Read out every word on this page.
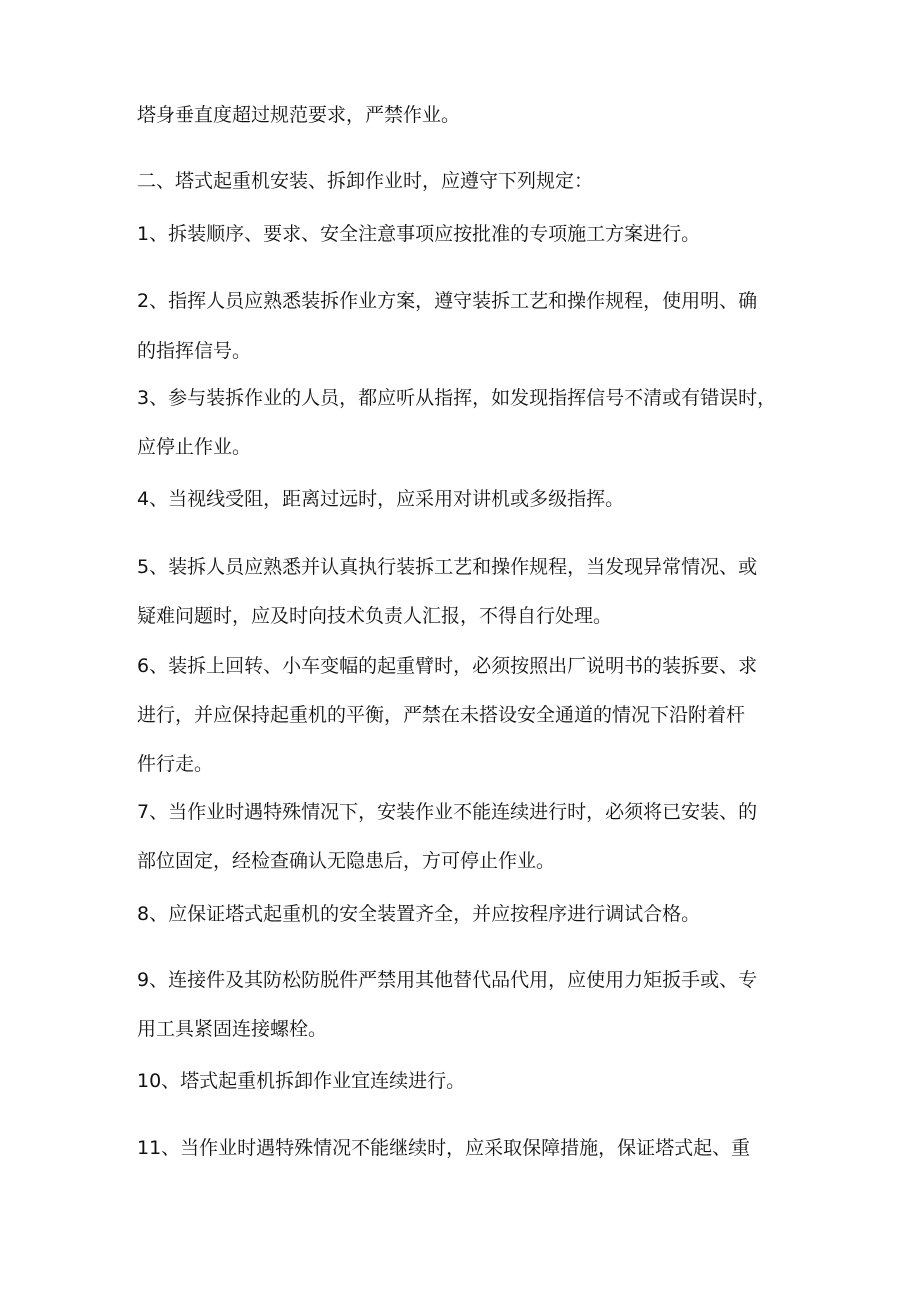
塔身垂直度超过规范要求，严禁作业。
二、塔式起重机安装、拆卸作业时，应遵守下列规定：
1、拆装顺序、要求、安全注意事项应按批准的专项施工方案进行。
2、指挥人员应熟悉装拆作业方案，遵守装拆工艺和操作规程，使用明、确
的指挥信号。
3、参与装拆作业的人员，都应听从指挥，如发现指挥信号不清或有错误时，
应停止作业。
4、当视线受阻，距离过远时，应采用对讲机或多级指挥。
5、装拆人员应熟悉并认真执行装拆工艺和操作规程，当发现异常情况、或
疑难问题时，应及时向技术负责人汇报，不得自行处理。
6、装拆上回转、小车变幅的起重臂时，必须按照出厂说明书的装拆要、求
进行，并应保持起重机的平衡，严禁在未搭设安全通道的情况下沿附着杆
件行走。
7、当作业时遇特殊情况下，安装作业不能连续进行时，必须将已安装、的
部位固定，经检查确认无隐患后，方可停止作业。
8、应保证塔式起重机的安全装置齐全，并应按程序进行调试合格。
9、连接件及其防松防脱件严禁用其他替代品代用，应使用力矩扳手或、专
用工具紧固连接螺栓。
10、塔式起重机拆卸作业宜连续进行。
11、当作业时遇特殊情况不能继续时，应采取保障措施，保证塔式起、重
